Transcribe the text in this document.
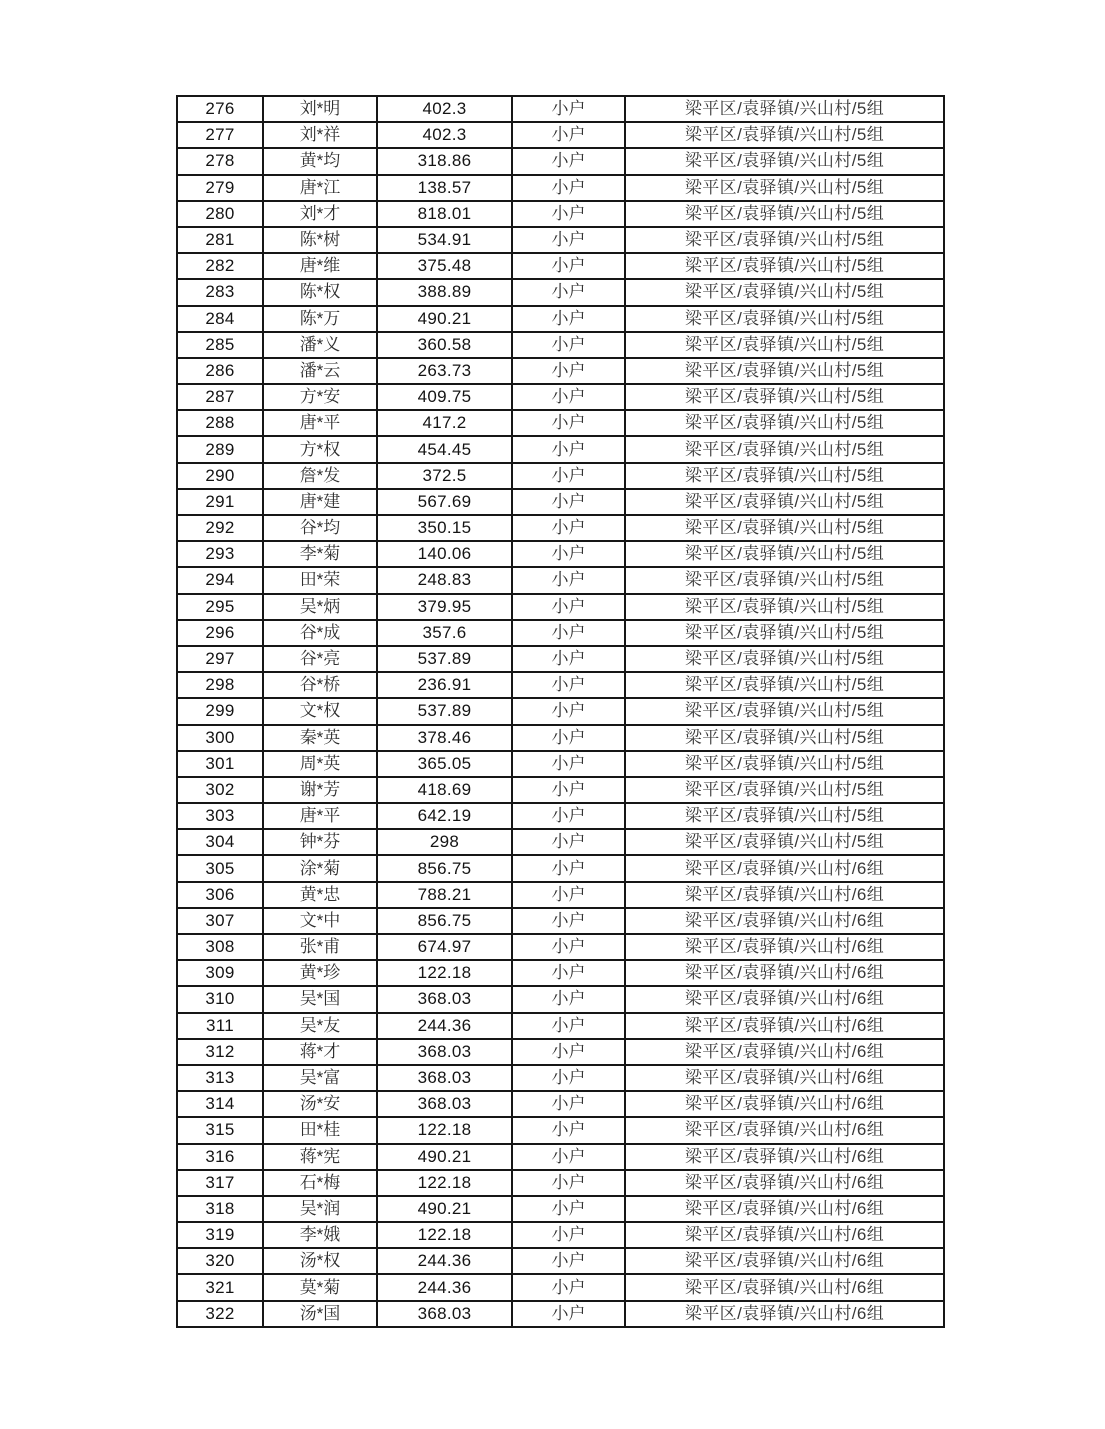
276	刘*明	402.3	小户	梁平区/袁驿镇/兴山村/5组
277	刘*祥	402.3	小户	梁平区/袁驿镇/兴山村/5组
278	黄*均	318.86	小户	梁平区/袁驿镇/兴山村/5组
279	唐*江	138.57	小户	梁平区/袁驿镇/兴山村/5组
280	刘*才	818.01	小户	梁平区/袁驿镇/兴山村/5组
281	陈*树	534.91	小户	梁平区/袁驿镇/兴山村/5组
282	唐*维	375.48	小户	梁平区/袁驿镇/兴山村/5组
283	陈*权	388.89	小户	梁平区/袁驿镇/兴山村/5组
284	陈*万	490.21	小户	梁平区/袁驿镇/兴山村/5组
285	潘*义	360.58	小户	梁平区/袁驿镇/兴山村/5组
286	潘*云	263.73	小户	梁平区/袁驿镇/兴山村/5组
287	方*安	409.75	小户	梁平区/袁驿镇/兴山村/5组
288	唐*平	417.2	小户	梁平区/袁驿镇/兴山村/5组
289	方*权	454.45	小户	梁平区/袁驿镇/兴山村/5组
290	詹*发	372.5	小户	梁平区/袁驿镇/兴山村/5组
291	唐*建	567.69	小户	梁平区/袁驿镇/兴山村/5组
292	谷*均	350.15	小户	梁平区/袁驿镇/兴山村/5组
293	李*菊	140.06	小户	梁平区/袁驿镇/兴山村/5组
294	田*荣	248.83	小户	梁平区/袁驿镇/兴山村/5组
295	吴*炳	379.95	小户	梁平区/袁驿镇/兴山村/5组
296	谷*成	357.6	小户	梁平区/袁驿镇/兴山村/5组
297	谷*亮	537.89	小户	梁平区/袁驿镇/兴山村/5组
298	谷*桥	236.91	小户	梁平区/袁驿镇/兴山村/5组
299	文*权	537.89	小户	梁平区/袁驿镇/兴山村/5组
300	秦*英	378.46	小户	梁平区/袁驿镇/兴山村/5组
301	周*英	365.05	小户	梁平区/袁驿镇/兴山村/5组
302	谢*芳	418.69	小户	梁平区/袁驿镇/兴山村/5组
303	唐*平	642.19	小户	梁平区/袁驿镇/兴山村/5组
304	钟*芬	298	小户	梁平区/袁驿镇/兴山村/5组
305	涂*菊	856.75	小户	梁平区/袁驿镇/兴山村/6组
306	黄*忠	788.21	小户	梁平区/袁驿镇/兴山村/6组
307	文*中	856.75	小户	梁平区/袁驿镇/兴山村/6组
308	张*甫	674.97	小户	梁平区/袁驿镇/兴山村/6组
309	黄*珍	122.18	小户	梁平区/袁驿镇/兴山村/6组
310	吴*国	368.03	小户	梁平区/袁驿镇/兴山村/6组
311	吴*友	244.36	小户	梁平区/袁驿镇/兴山村/6组
312	蒋*才	368.03	小户	梁平区/袁驿镇/兴山村/6组
313	吴*富	368.03	小户	梁平区/袁驿镇/兴山村/6组
314	汤*安	368.03	小户	梁平区/袁驿镇/兴山村/6组
315	田*桂	122.18	小户	梁平区/袁驿镇/兴山村/6组
316	蒋*宪	490.21	小户	梁平区/袁驿镇/兴山村/6组
317	石*梅	122.18	小户	梁平区/袁驿镇/兴山村/6组
318	吴*润	490.21	小户	梁平区/袁驿镇/兴山村/6组
319	李*娥	122.18	小户	梁平区/袁驿镇/兴山村/6组
320	汤*权	244.36	小户	梁平区/袁驿镇/兴山村/6组
321	莫*菊	244.36	小户	梁平区/袁驿镇/兴山村/6组
322	汤*国	368.03	小户	梁平区/袁驿镇/兴山村/6组
